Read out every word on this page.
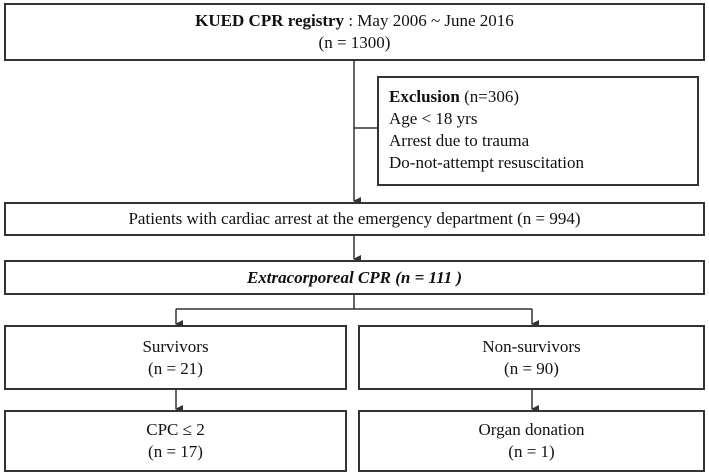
KUED CPR registry : May 2006 ~ June 2016
(n = 1300)
Exclusion (n=306)
Age < 18 yrs
Arrest due to trauma
Do-not-attempt resuscitation
Patients with cardiac arrest at the emergency department (n = 994)
Extracorporeal CPR (n = 111 )
Survivors
(n = 21)
Non-survivors
(n = 90)
CPC ≤ 2
(n = 17)
Organ donation
(n = 1)
